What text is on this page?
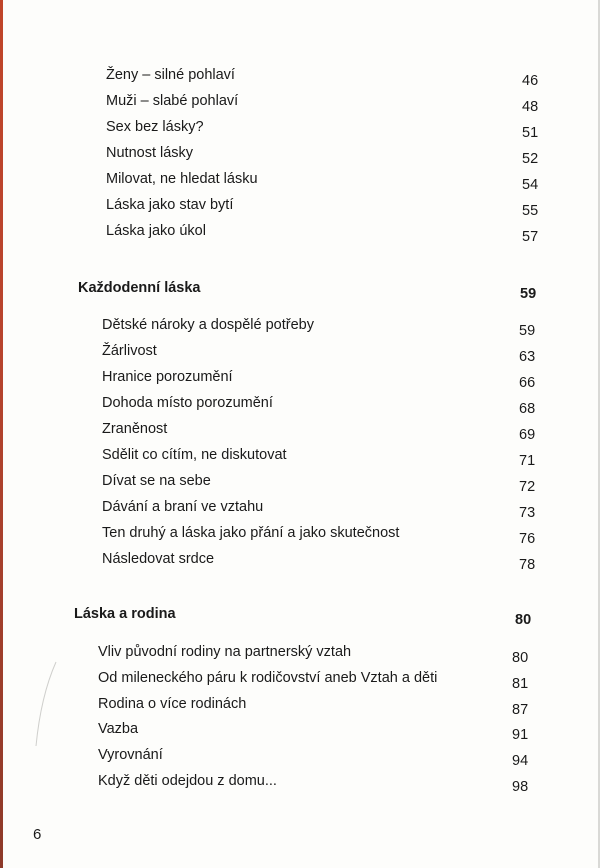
Ženy – silné pohlaví	46
Muži – slabé pohlaví	48
Sex bez lásky?	51
Nutnost lásky	52
Milovat, ne hledat lásku	54
Láska jako stav bytí	55
Láska jako úkol	57
Každodenní láska	59
Dětské nároky a dospělé potřeby	59
Žárlivost	63
Hranice porozumění	66
Dohoda místo porozumění	68
Zraněnost	69
Sdělit co cítím, ne diskutovat	71
Dívat se na sebe	72
Dávání a braní ve vztahu	73
Ten druhý a láska jako přání a jako skutečnost	76
Následovat srdce	78
Láska a rodina	80
Vliv původní rodiny na partnerský vztah	80
Od mileneckého páru k rodičovství aneb Vztah a děti	81
Rodina o více rodinách	87
Vazba	91
Vyrovnání	94
Když děti odejdou z domu...	98
6
